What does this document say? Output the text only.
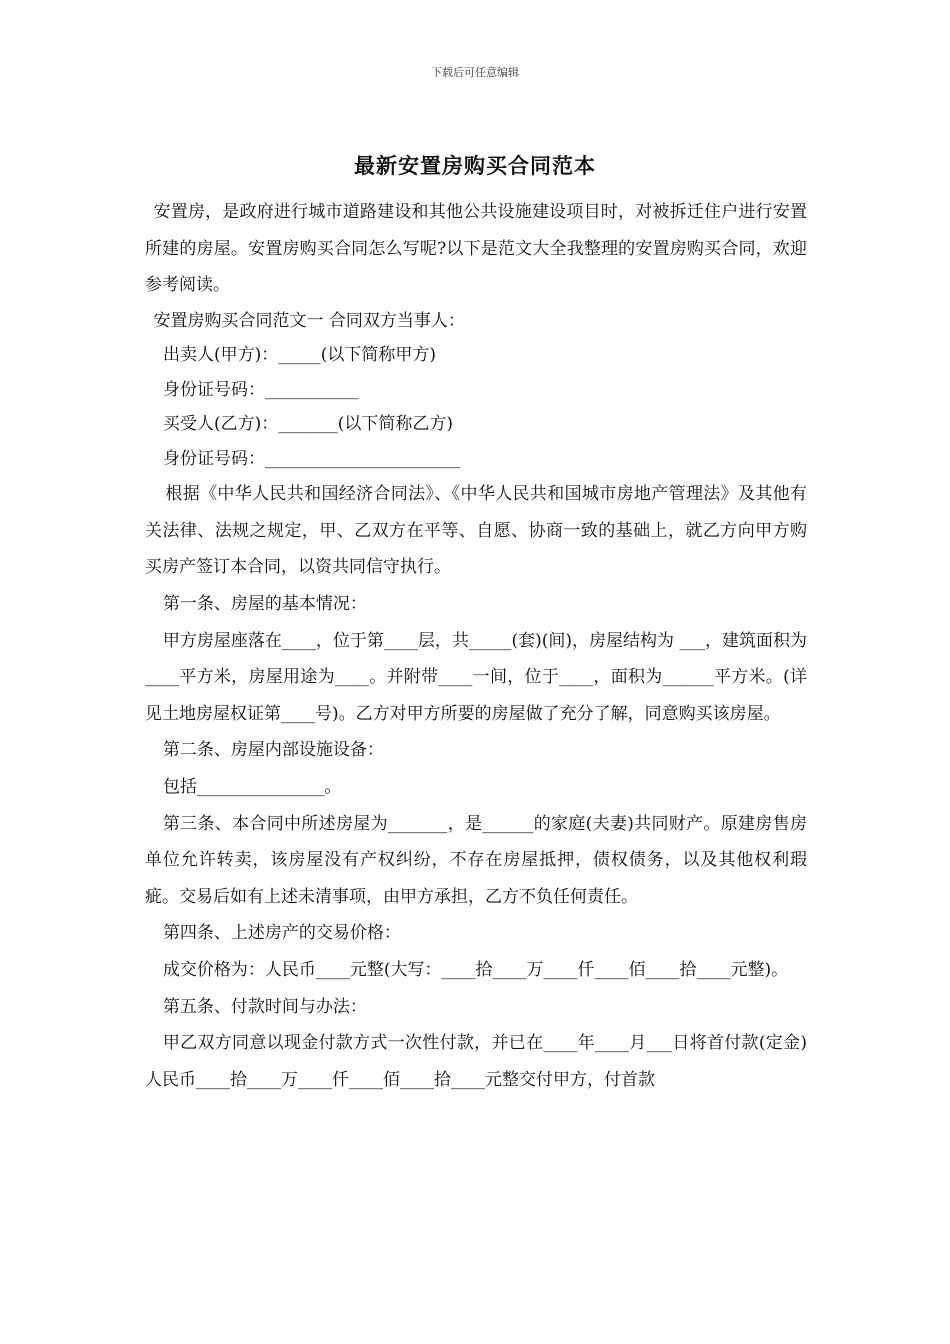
下载后可任意编辑
最新安置房购买合同范本

安置房，是政府进行城市道路建设和其他公共设施建设项目时，对被拆迁住户进行安置所建的房屋。安置房购买合同怎么写呢?以下是范文大全我整理的安置房购买合同，欢迎参考阅读。

安置房购买合同范文一 合同双方当事人：

出卖人(甲方)：_____(以下简称甲方)

身份证号码：___________

买受人(乙方)：_______(以下简称乙方)

身份证号码：_______________________

根据《中华人民共和国经济合同法》、《中华人民共和国城市房地产管理法》及其他有关法律、法规之规定，甲、乙双方在平等、自愿、协商一致的基础上，就乙方向甲方购买房产签订本合同，以资共同信守执行。

第一条、房屋的基本情况：

甲方房屋座落在____，位于第____层，共_____(套)(间)，房屋结构为 ___，建筑面积为____平方米，房屋用途为____。并附带____一间，位于____，面积为______平方米。(详见土地房屋权证第____号)。乙方对甲方所要的房屋做了充分了解，同意购买该房屋。

第二条、房屋内部设施设备：

包括_______________。

第三条、本合同中所述房屋为_______，是______的家庭(夫妻)共同财产。原建房售房单位允许转卖，该房屋没有产权纠纷，不存在房屋抵押，债权债务，以及其他权利瑕疵。交易后如有上述未清事项，由甲方承担，乙方不负任何责任。

第四条、上述房产的交易价格：

成交价格为：人民币____元整(大写：____拾____万____仟____佰____拾____元整)。

第五条、付款时间与办法：

甲乙双方同意以现金付款方式一次性付款，并已在____年____月___日将首付款(定金) 人民币____拾____万____仟____佰____拾____元整交付甲方，付首款
